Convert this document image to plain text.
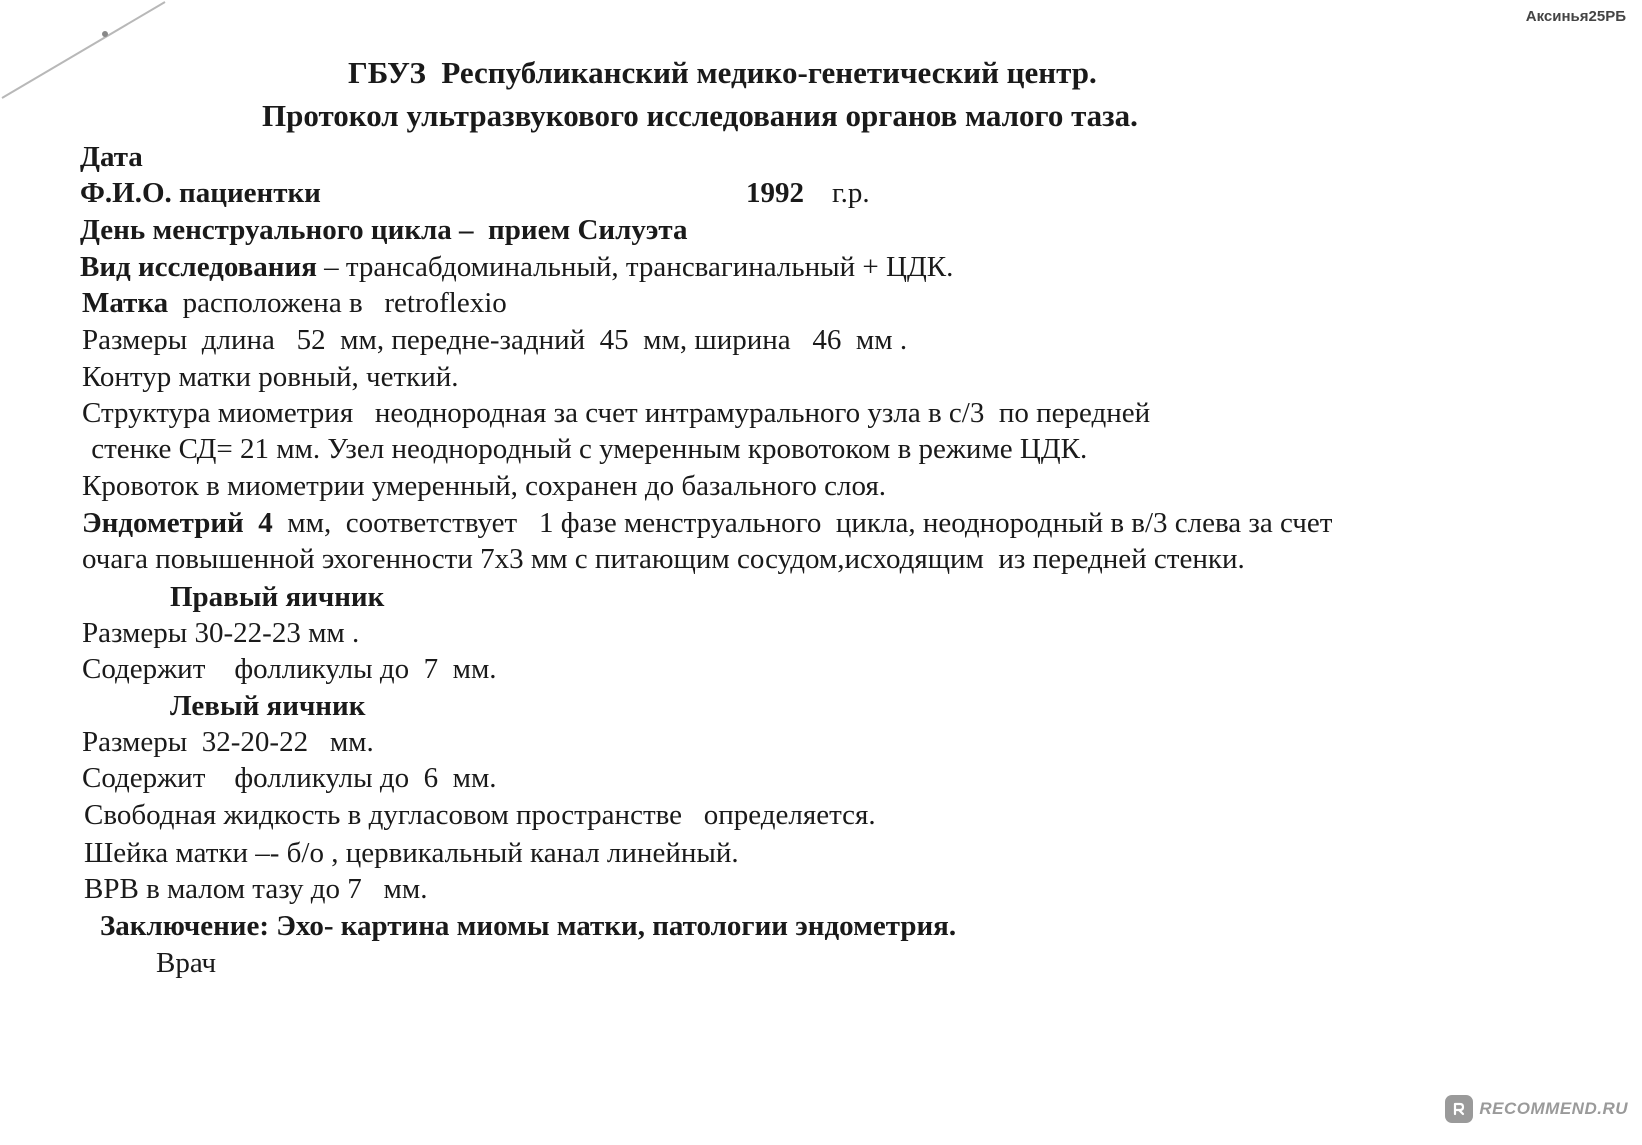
Аксинья25РБ
ГБУЗ  Республиканский медико-генетический центр.
Протокол ультразвукового исследования органов малого таза.
Дата
Ф.И.О. пациентки	1992 г.р.
День менструального цикла –  прием Силуэта
Вид исследования – трансабдоминальный, трансвагинальный + ЦДК.
Матка  расположена в   retroflexio
Размеры  длина   52  мм, передне-задний  45  мм, ширина   46  мм .
Контур матки ровный, четкий.
Структура миометрия   неоднородная за счет интрамурального узла в с/3  по передней
стенке СД= 21 мм. Узел неоднородный с умеренным кровотоком в режиме ЦДК.
Кровоток в миометрии умеренный, сохранен до базального слоя.
Эндометрий  4  мм,  соответствует   1 фазе менструального  цикла, неоднородный в в/3 слева за счет
очага повышенной эхогенности 7х3 мм с питающим сосудом,исходящим  из передней стенки.
Правый яичник
Размеры 30-22-23 мм .
Содержит    фолликулы до  7  мм.
Левый яичник
Размеры  32-20-22   мм.
Содержит    фолликулы до  6  мм.
Свободная жидкость в дугласовом пространстве   определяется.
Шейка матки –- б/о , цервикальный канал линейный.
ВРВ в малом тазу до 7   мм.
Заключение: Эхо- картина миомы матки, патологии эндометрия.
Врач
RECOMMEND.RU
